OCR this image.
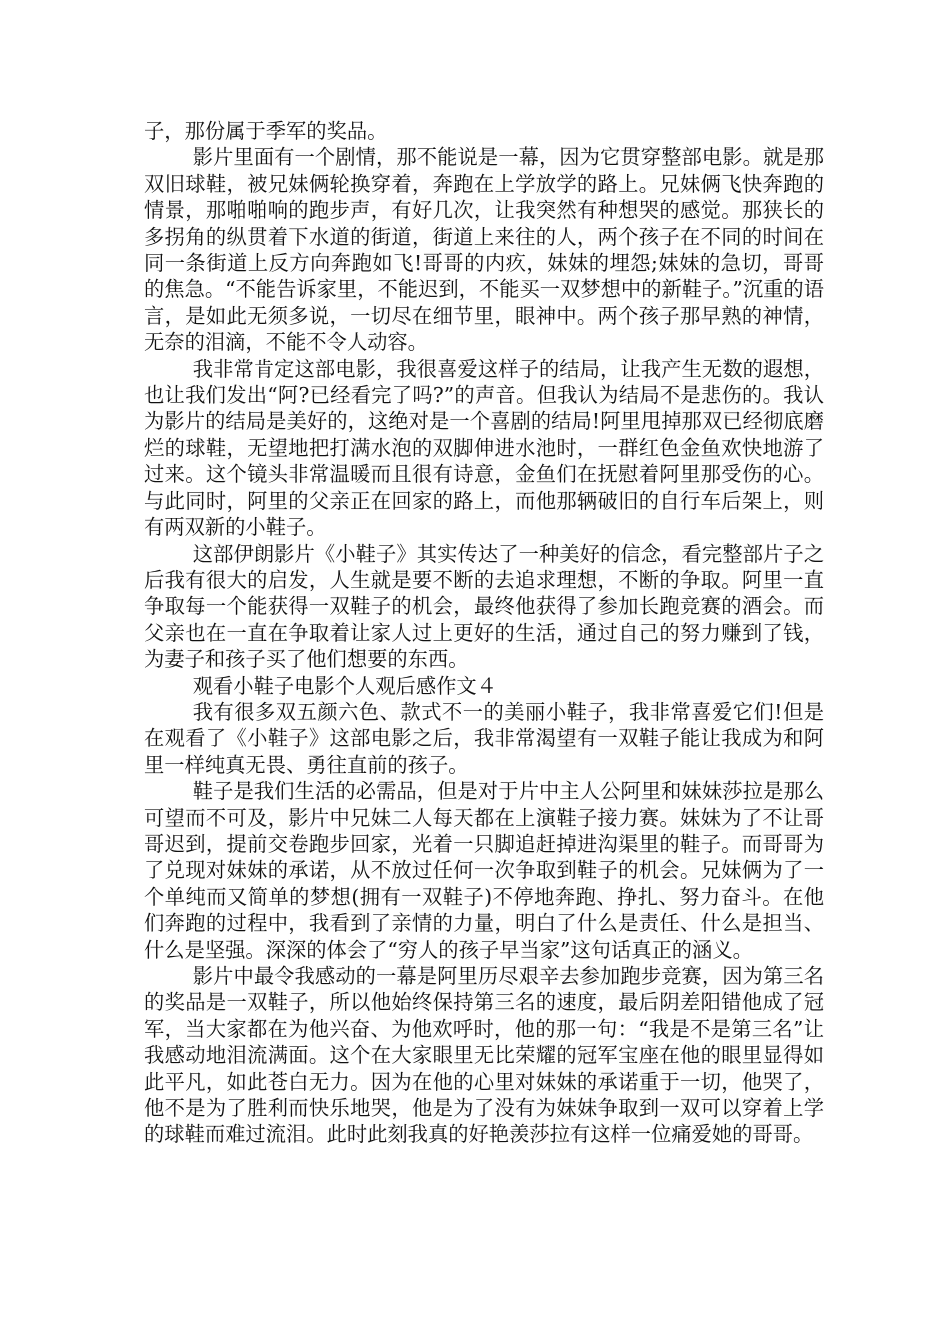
子，那份属于季军的奖品。

影片里面有一个剧情，那不能说是一幕，因为它贯穿整部电影。就是那双旧球鞋，被兄妹俩轮换穿着，奔跑在上学放学的路上。兄妹俩飞快奔跑的 情景，那啪啪响的跑步声，有好几次，让我突然有种想哭的感觉。那狭长的多拐角的纵贯着下水道的街道，街道上来往的人，两个孩子在不同的时间在同一条街道上反方向奔跑如飞!哥哥的内疚，妹妹的埋怨;妹妹的急切，哥哥的焦急。“不能告诉家里，不能迟到，不能买一双梦想中的新鞋子。”沉重的语言，是如此无须多说，一切尽在细节里，眼神中。两个孩子那早熟的神情，无奈的泪滴，不能不令人动容。

我非常肯定这部电影，我很喜爱这样子的结局，让我产生无数的遐想，也让我们发出“阿?已经看完了吗?”的声音。但我认为结局不是悲伤的。我认为影片的结局是美好的，这绝对是一个喜剧的结局!阿里甩掉那双已经彻底磨烂的球鞋，无望地把打满水泡的双脚伸进水池时，一群红色金鱼欢快地游了过来。这个镜头非常温暖而且很有诗意，金鱼们在抚慰着阿里那受伤的心。与此同时，阿里的父亲正在回家的路上，而他那辆破旧的自行车后架上，则有两双新的小鞋子。

这部伊朗影片《小鞋子》其实传达了一种美好的信念，看完整部片子之后我有很大的启发，人生就是要不断的去追求理想，不断的争取。阿里一直争取每一个能获得一双鞋子的机会，最终他获得了参加长跑竞赛的酒会。而父亲也在一直在争取着让家人过上更好的生活，通过自己的努力赚到了钱，为妻子和孩子买了他们想要的东西。

观看小鞋子电影个人观后感作文４

我有很多双五颜六色、款式不一的美丽小鞋子，我非常喜爱它们!但是在观看了《小鞋子》这部电影之后，我非常渴望有一双鞋子能让我成为和阿里一样纯真无畏、勇往直前的孩子。

鞋子是我们生活的必需品，但是对于片中主人公阿里和妹妹莎拉是那么可望而不可及，影片中兄妹二人每天都在上演鞋子接力赛。妹妹为了不让哥哥迟到，提前交卷跑步回家，光着一只脚追赶掉进沟渠里的鞋子。而哥哥为了兑现对妹妹的承诺，从不放过任何一次争取到鞋子的机会。兄妹俩为了一个单纯而又简单的梦想(拥有一双鞋子)不停地奔跑、挣扎、努力奋斗。在他们奔跑的过程中，我看到了亲情的力量，明白了什么是责任、什么是担当、什么是坚强。深深的体会了“穷人的孩子早当家”这句话真正的涵义。

影片中最令我感动的一幕是阿里历尽艰辛去参加跑步竞赛，因为第三名的奖品是一双鞋子，所以他始终保持第三名的速度，最后阴差阳错他成了冠军，当大家都在为他兴奋、为他欢呼时，他的那一句：“我是不是第三名”让我感动地泪流满面。这个在大家眼里无比荣耀的冠军宝座在他的眼里显得如此平凡，如此苍白无力。因为在他的心里对妹妹的承诺重于一切，他哭了，他不是为了胜利而快乐地哭，他是为了没有为妹妹争取到一双可以穿着上学的球鞋而难过流泪。此时此刻我真的好艳羡莎拉有这样一位痛爱她的哥哥。
